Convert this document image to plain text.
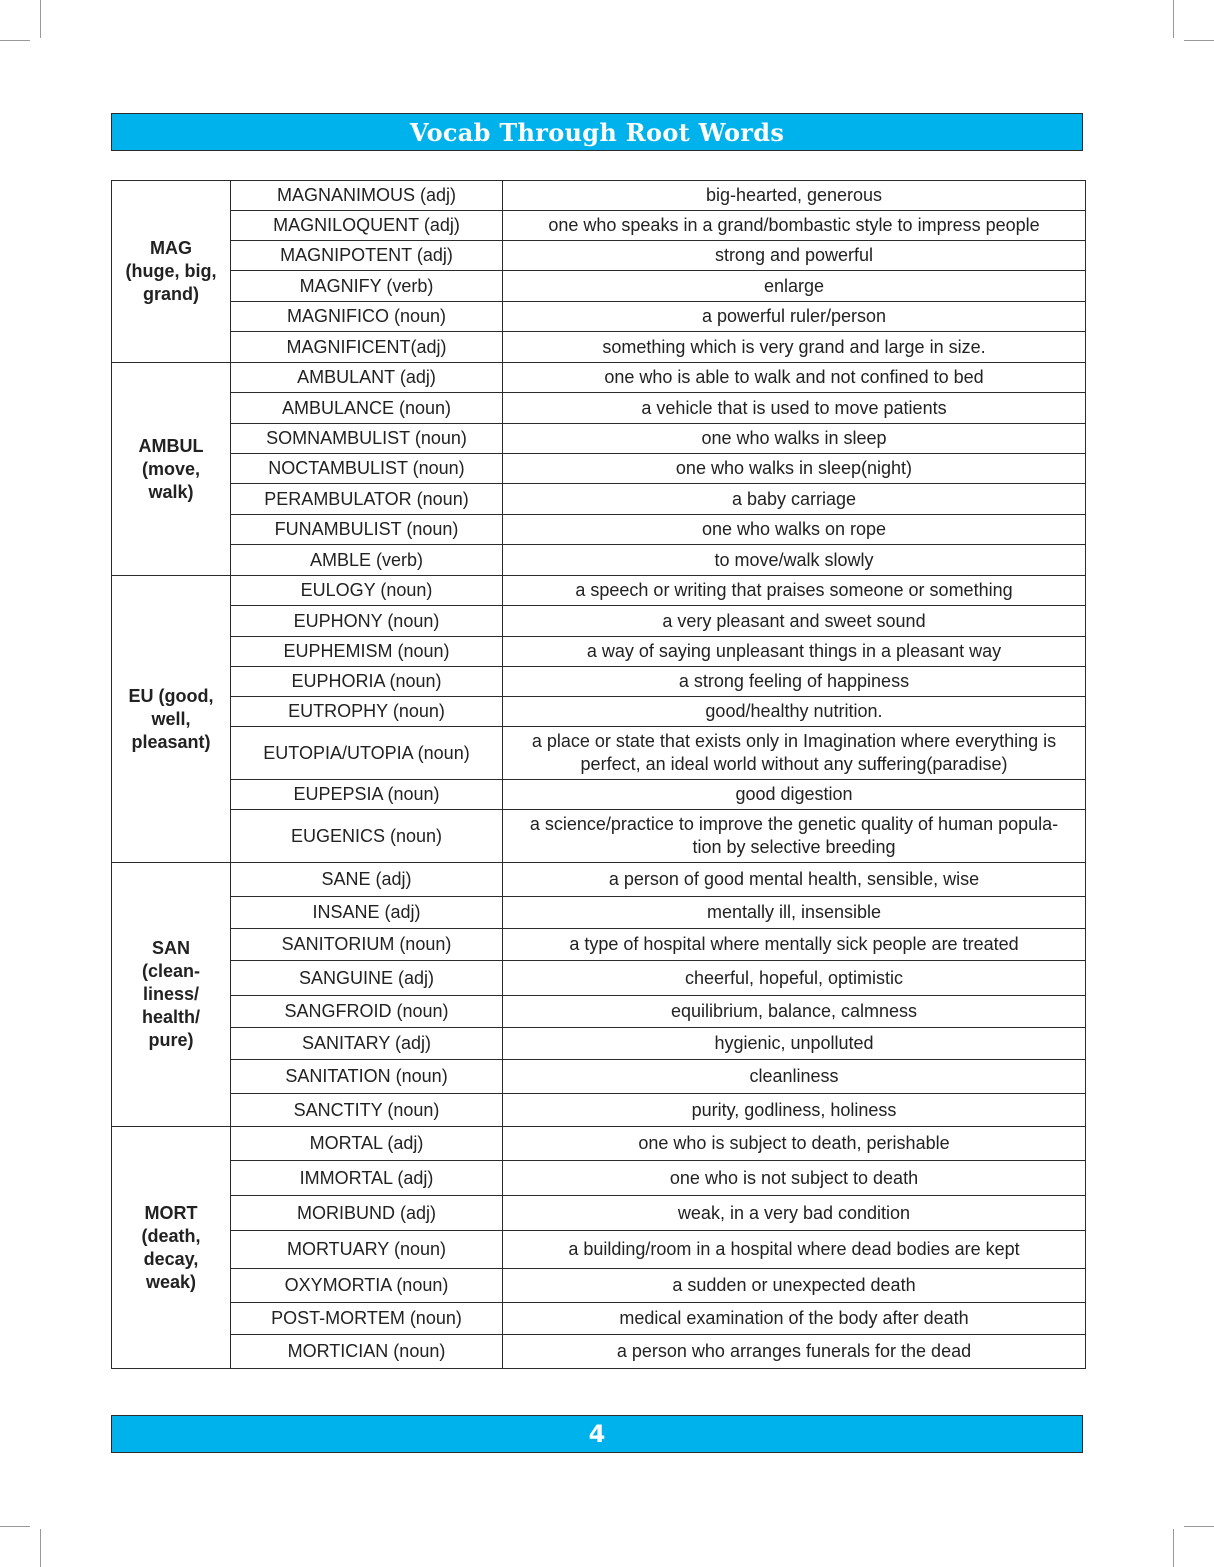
Vocab Through Root Words
MAG
(huge, big,
grand)	MAGNANIMOUS (adj)	big-hearted, generous
	MAGNILOQUENT (adj)	one who speaks in a grand/bombastic style to impress people
	MAGNIPOTENT (adj)	strong and powerful
	MAGNIFY (verb)	enlarge
	MAGNIFICO (noun)	a powerful ruler/person
	MAGNIFICENT(adj)	something which is very grand and large in size.
AMBUL
(move,
walk)	AMBULANT (adj)	one who is able to walk and not confined to bed
	AMBULANCE (noun)	a vehicle that is used to move patients
	SOMNAMBULIST (noun)	one who walks in sleep
	NOCTAMBULIST (noun)	one who walks in sleep(night)
	PERAMBULATOR (noun)	a baby carriage
	FUNAMBULIST (noun)	one who walks on rope
	AMBLE (verb)	to move/walk slowly
EU (good,
well,
pleasant)	EULOGY (noun)	a speech or writing that praises someone or something
	EUPHONY (noun)	a very pleasant and sweet sound
	EUPHEMISM (noun)	a way of saying unpleasant things in a pleasant way
	EUPHORIA (noun)	a strong feeling of happiness
	EUTROPHY (noun)	good/healthy nutrition.
	EUTOPIA/UTOPIA (noun)	a place or state that exists only in Imagination where everything is
perfect, an ideal world without any suffering(paradise)
	EUPEPSIA (noun)	good digestion
	EUGENICS (noun)	a science/practice to improve the genetic quality of human popula-
tion by selective breeding
SAN
(clean-
liness/
health/
pure)	SANE (adj)	a person of good mental health, sensible, wise
	INSANE (adj)	mentally ill, insensible
	SANITORIUM (noun)	a type of hospital where mentally sick people are treated
	SANGUINE (adj)	cheerful, hopeful, optimistic
	SANGFROID (noun)	equilibrium, balance, calmness
	SANITARY (adj)	hygienic, unpolluted
	SANITATION (noun)	cleanliness
	SANCTITY (noun)	purity, godliness, holiness
MORT
(death,
decay,
weak)	MORTAL (adj)	one who is subject to death, perishable
	IMMORTAL (adj)	one who is not subject to death
	MORIBUND (adj)	weak, in a very bad condition
	MORTUARY (noun)	a building/room in a hospital where dead bodies are kept
	OXYMORTIA (noun)	a sudden or unexpected death
	POST-MORTEM (noun)	medical examination of the body after death
	MORTICIAN (noun)	a person who arranges funerals for the dead
4
